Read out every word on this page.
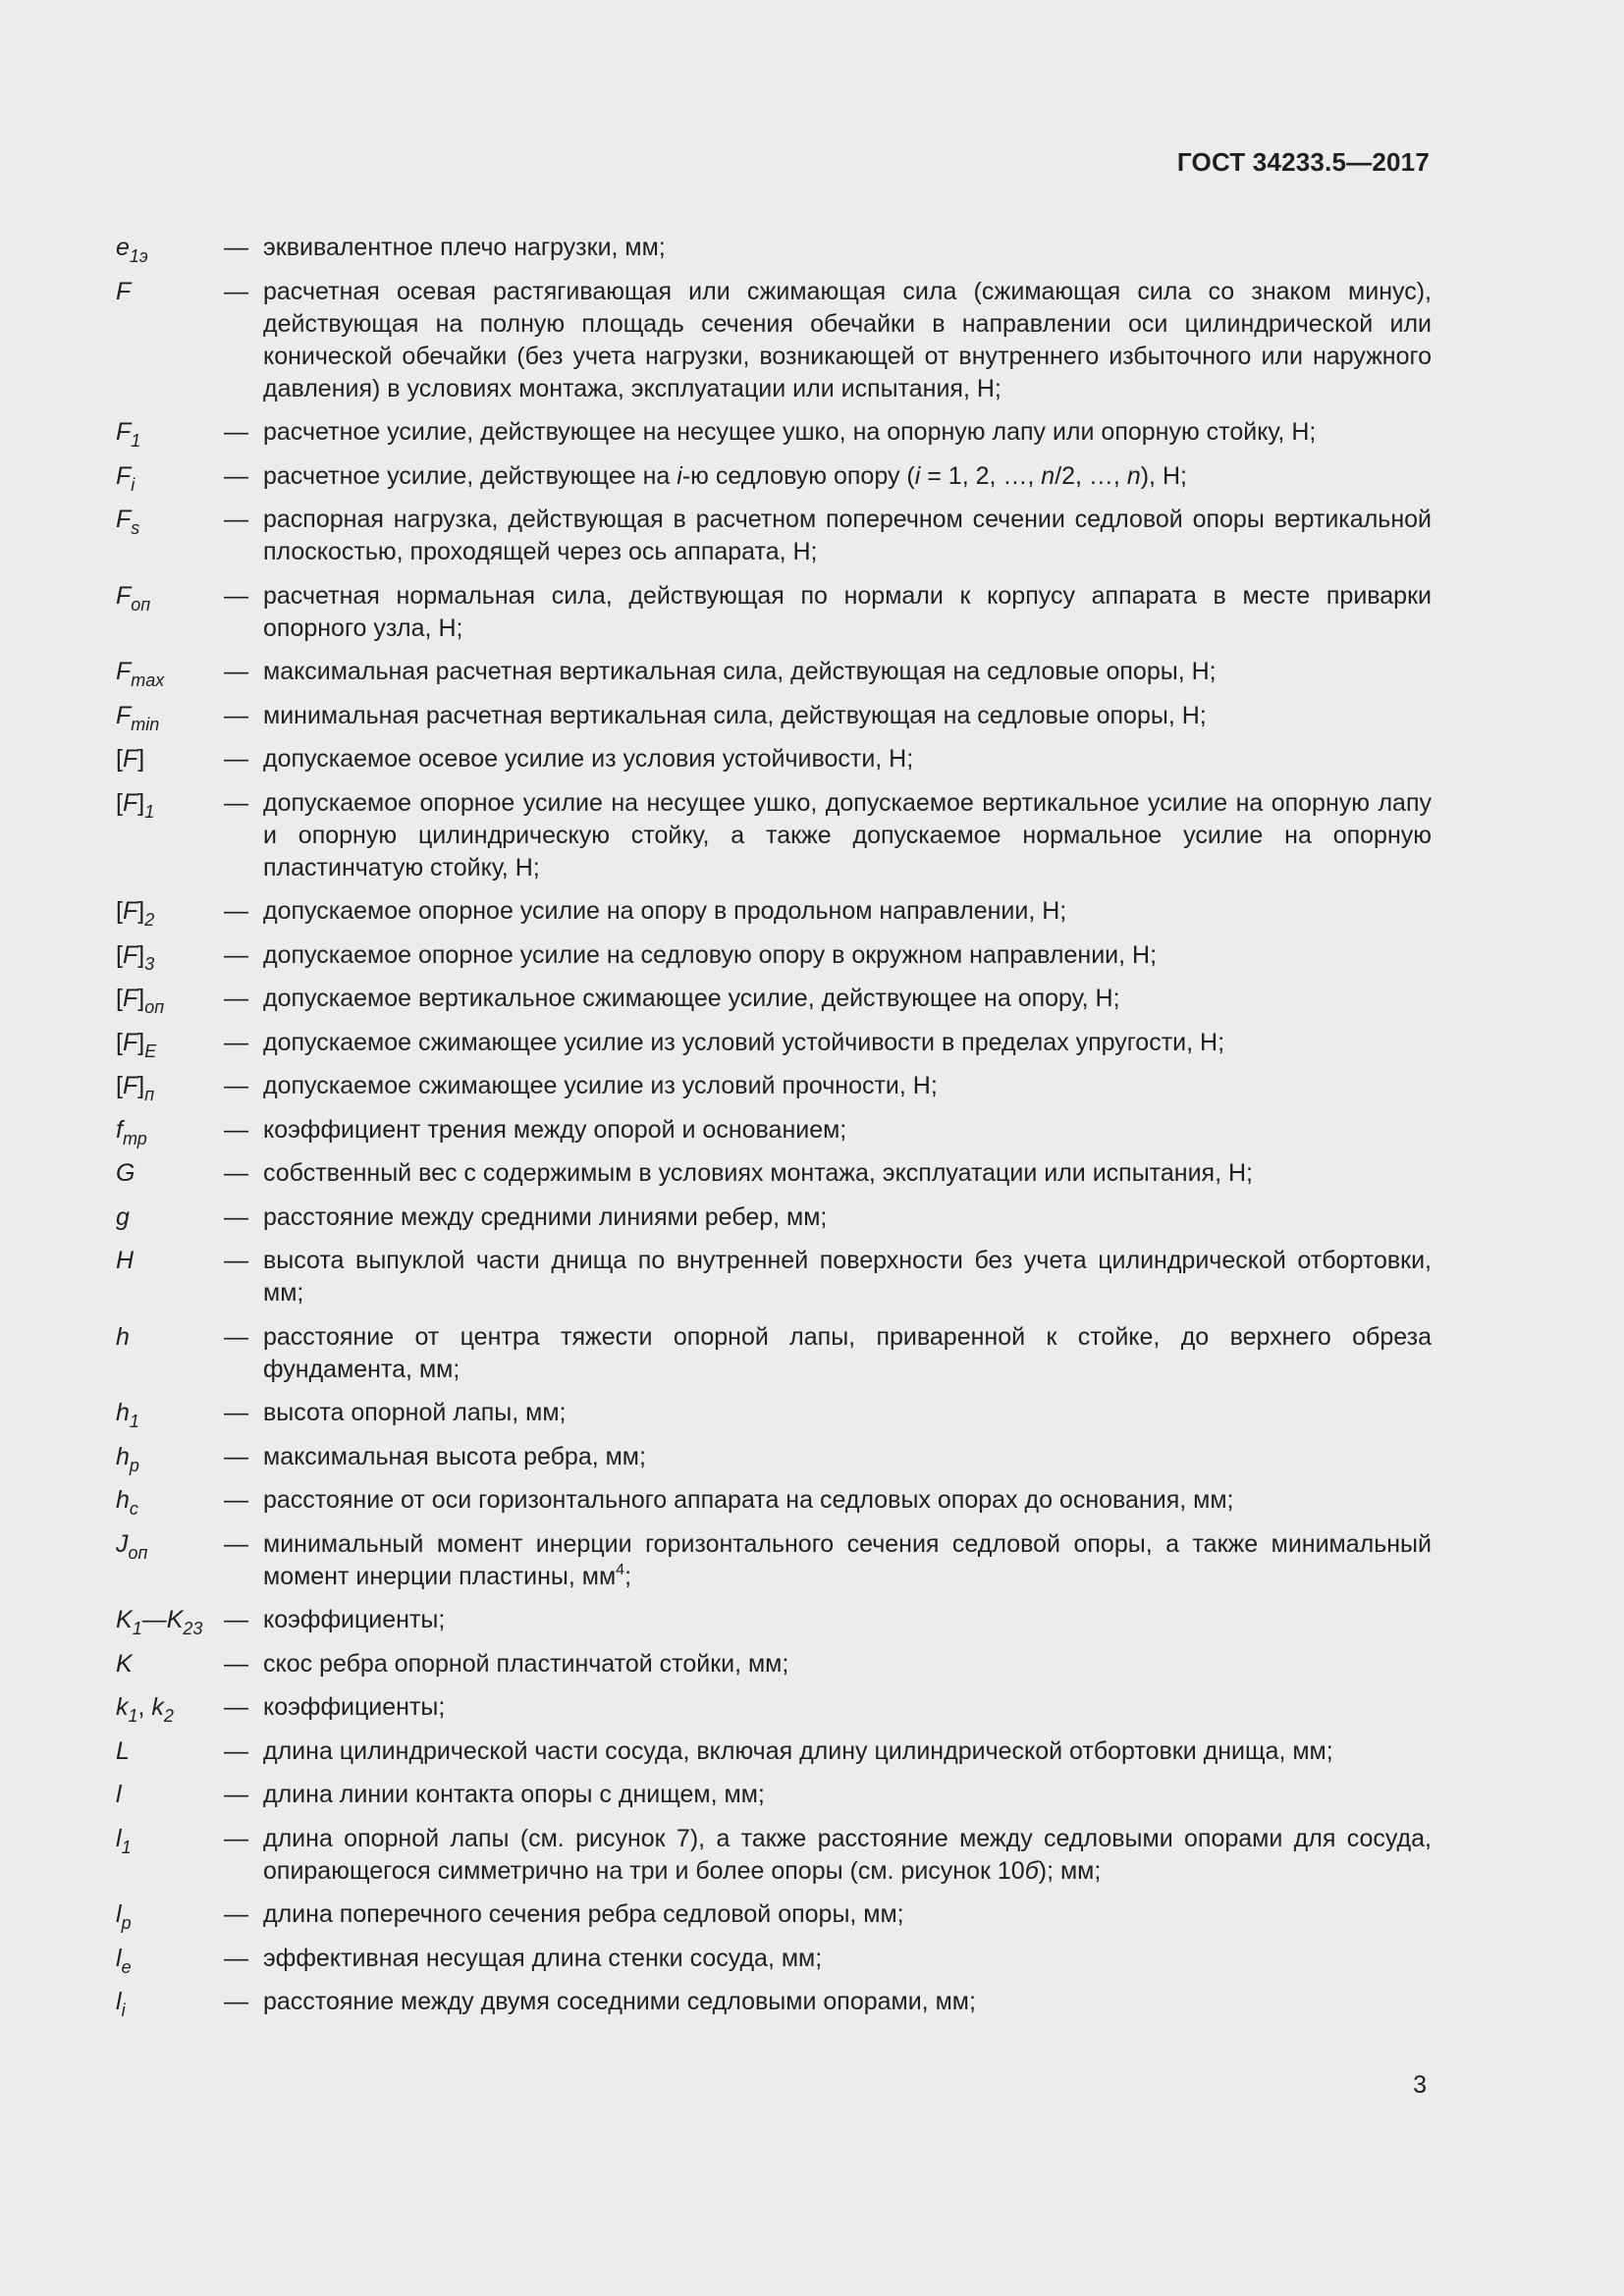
ГОСТ 34233.5—2017
$e_{1э}$	— эквивалентное плечо нагрузки, мм;
F	— расчетная осевая растягивающая или сжимающая сила (сжимающая сила со знаком минус), действующая на полную площадь сечения обечайки в направлении оси цилиндрической или конической обечайки (без учета нагрузки, возникающей от внутреннего избыточного или наружного давления) в условиях монтажа, эксплуатации или испытания, Н;
$F_1$	— расчетное усилие, действующее на несущее ушко, на опорную лапу или опорную стойку, Н;
$F_i$	— расчетное усилие, действующее на i-ю седловую опору (i = 1, 2, …, n/2, …, n), Н;
$F_s$	— распорная нагрузка, действующая в расчетном поперечном сечении седловой опоры вертикальной плоскостью, проходящей через ось аппарата, Н;
$F_{оп}$	— расчетная нормальная сила, действующая по нормали к корпусу аппарата в месте приварки опорного узла, Н;
$F_{max}$	— максимальная расчетная вертикальная сила, действующая на седловые опоры, Н;
$F_{min}$	— минимальная расчетная вертикальная сила, действующая на седловые опоры, Н;
[F]	— допускаемое осевое усилие из условия устойчивости, Н;
$[F]_1$	— допускаемое опорное усилие на несущее ушко, допускаемое вертикальное усилие на опорную лапу и опорную цилиндрическую стойку, а также допускаемое нормальное усилие на опорную пластинчатую стойку, Н;
$[F]_2$	— допускаемое опорное усилие на опору в продольном направлении, Н;
$[F]_3$	— допускаемое опорное усилие на седловую опору в окружном направлении, Н;
$[F]_{оп}$	— допускаемое вертикальное сжимающее усилие, действующее на опору, Н;
$[F]_E$	— допускаемое сжимающее усилие из условий устойчивости в пределах упругости, Н;
$[F]_п$	— допускаемое сжимающее усилие из условий прочности, Н;
$f_{тр}$	— коэффициент трения между опорой и основанием;
G	— собственный вес с содержимым в условиях монтажа, эксплуатации или испытания, Н;
g	— расстояние между средними линиями ребер, мм;
H	— высота выпуклой части днища по внутренней поверхности без учета цилиндрической отбортовки, мм;
h	— расстояние от центра тяжести опорной лапы, приваренной к стойке, до верхнего обреза фундамента, мм;
$h_1$	— высота опорной лапы, мм;
$h_р$	— максимальная высота ребра, мм;
$h_c$	— расстояние от оси горизонтального аппарата на седловых опорах до основания, мм;
$J_{оп}$	— минимальный момент инерции горизонтального сечения седловой опоры, а также минимальный момент инерции пластины, $мм^4$;
$K_1—K_{23}$ — коэффициенты;
K	— скос ребра опорной пластинчатой стойки, мм;
$k_1$, $k_2$	— коэффициенты;
L	— длина цилиндрической части сосуда, включая длину цилиндрической отбортовки днища, мм;
l	— длина линии контакта опоры с днищем, мм;
$l_1$	— длина опорной лапы (см. рисунок 7), а также расстояние между седловыми опорами для сосуда, опирающегося симметрично на три и более опоры (см. рисунок 10б); мм;
$l_р$	— длина поперечного сечения ребра седловой опоры, мм;
$l_e$	— эффективная несущая длина стенки сосуда, мм;
$l_i$	— расстояние между двумя соседними седловыми опорами, мм;
3
